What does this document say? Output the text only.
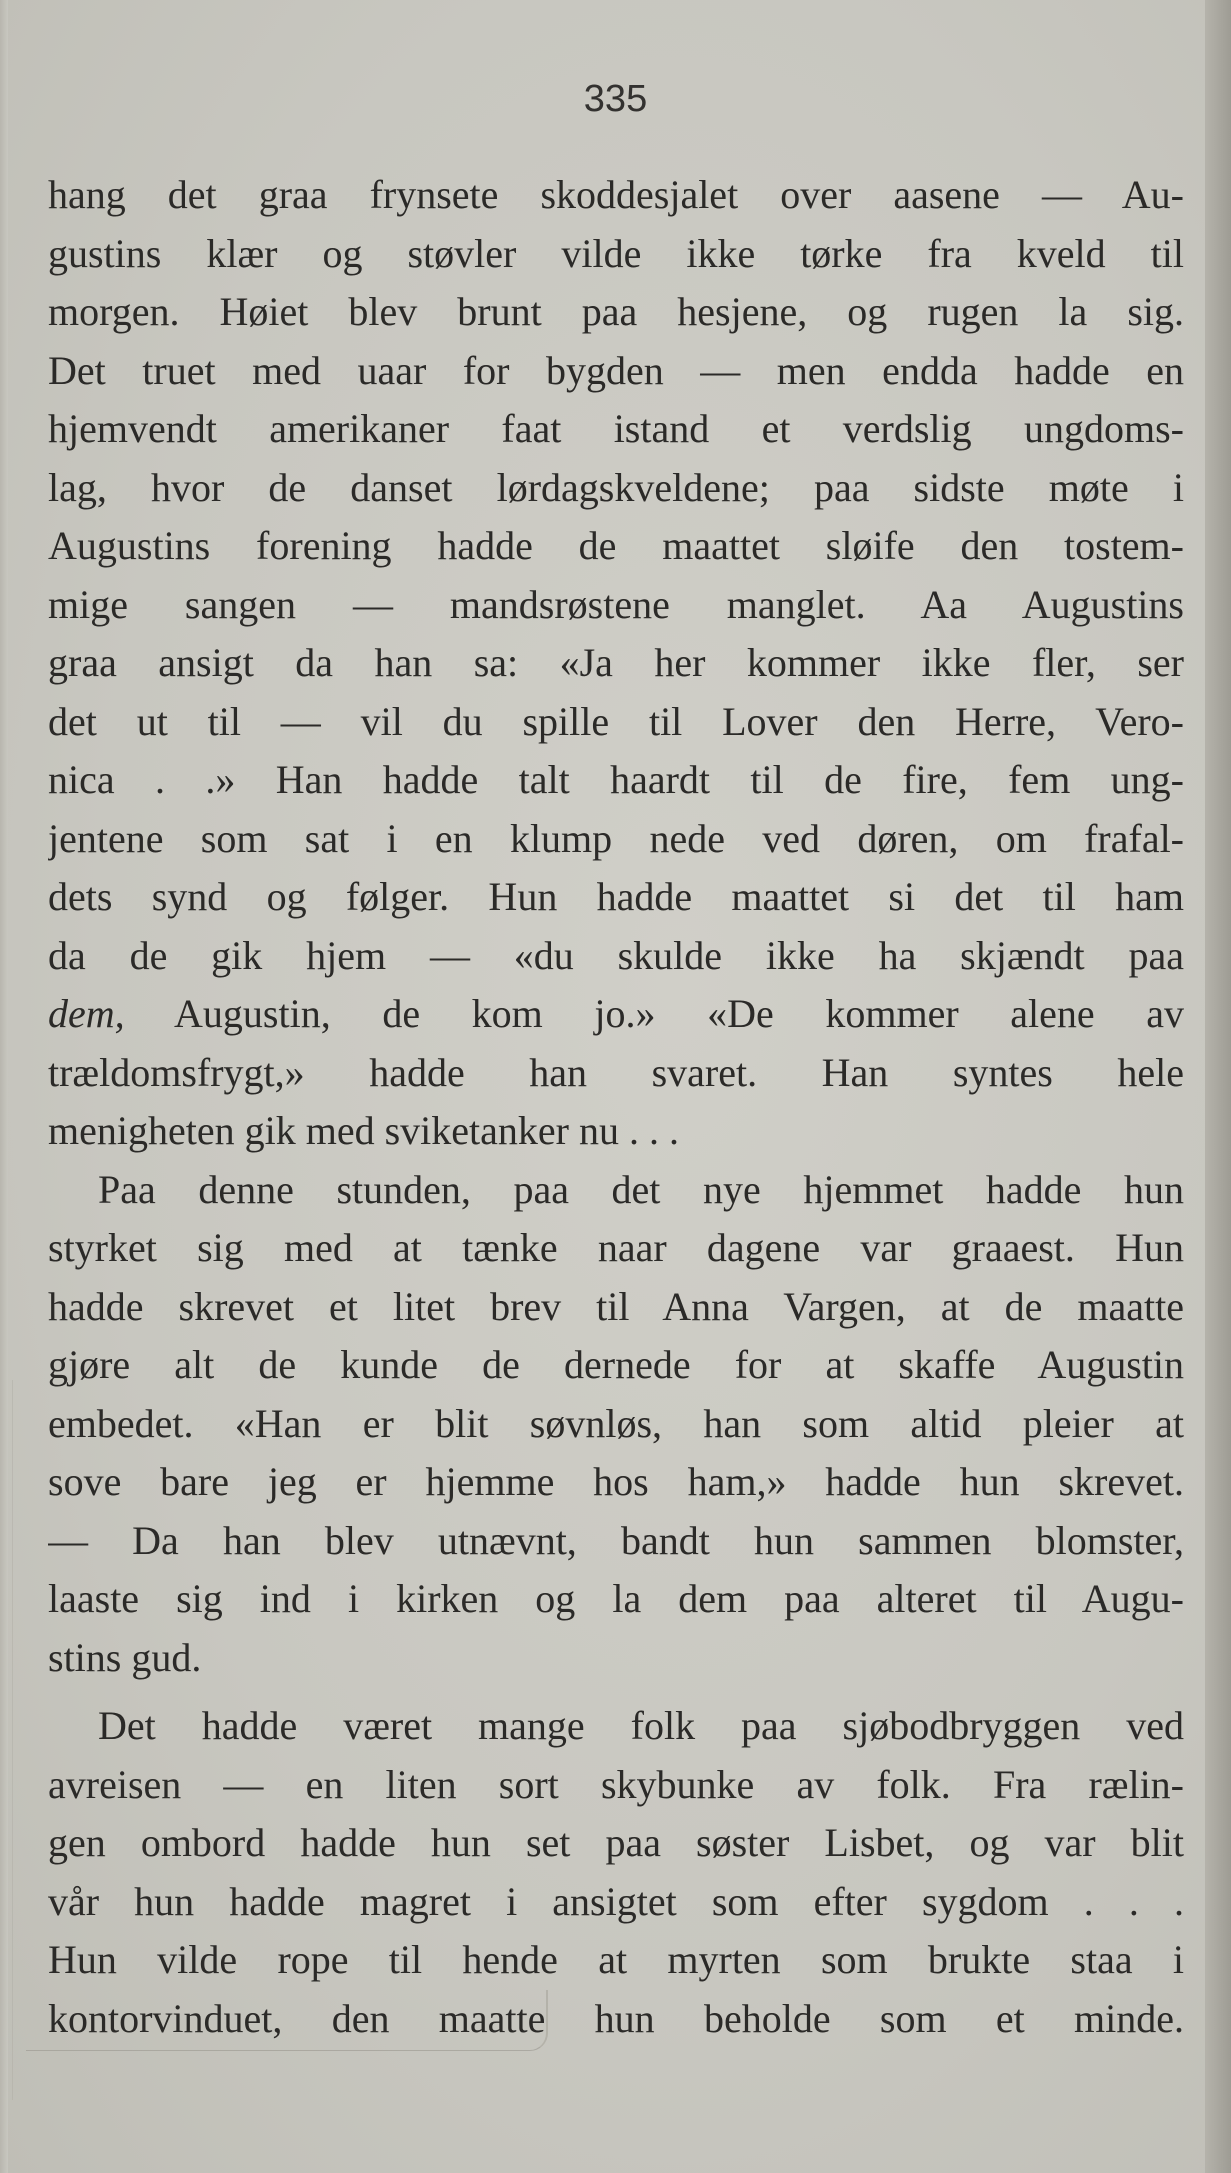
335
hang det graa frynsete skoddesjalet over aasene — Au-
gustins klær og støvler vilde ikke tørke fra kveld til
morgen. Høiet blev brunt paa hesjene, og rugen la sig.
Det truet med uaar for bygden — men endda hadde en
hjemvendt amerikaner faat istand et verdslig ungdoms-
lag, hvor de danset lørdagskveldene; paa sidste møte i
Augustins forening hadde de maattet sløife den tostem-
mige sangen — mandsrøstene manglet. Aa Augustins
graa ansigt da han sa: «Ja her kommer ikke fler, ser
det ut til — vil du spille til Lover den Herre, Vero-
nica . .» Han hadde talt haardt til de fire, fem ung-
jentene som sat i en klump nede ved døren, om frafal-
dets synd og følger. Hun hadde maattet si det til ham
da de gik hjem — «du skulde ikke ha skjændt paa
dem, Augustin, de kom jo.» «De kommer alene av
trældomsfrygt,» hadde han svaret. Han syntes hele
menigheten gik med sviketanker nu . . .
Paa denne stunden, paa det nye hjemmet hadde hun
styrket sig med at tænke naar dagene var graaest. Hun
hadde skrevet et litet brev til Anna Vargen, at de maatte
gjøre alt de kunde de dernede for at skaffe Augustin
embedet. «Han er blit søvnløs, han som altid pleier at
sove bare jeg er hjemme hos ham,» hadde hun skrevet.
— Da han blev utnævnt, bandt hun sammen blomster,
laaste sig ind i kirken og la dem paa alteret til Augu-
stins gud.
Det hadde været mange folk paa sjøbodbryggen ved
avreisen — en liten sort skybunke av folk. Fra rælin-
gen ombord hadde hun set paa søster Lisbet, og var blit
vår hun hadde magret i ansigtet som efter sygdom . . .
Hun vilde rope til hende at myrten som brukte staa i
kontorvinduet, den maatte hun beholde som et minde.
